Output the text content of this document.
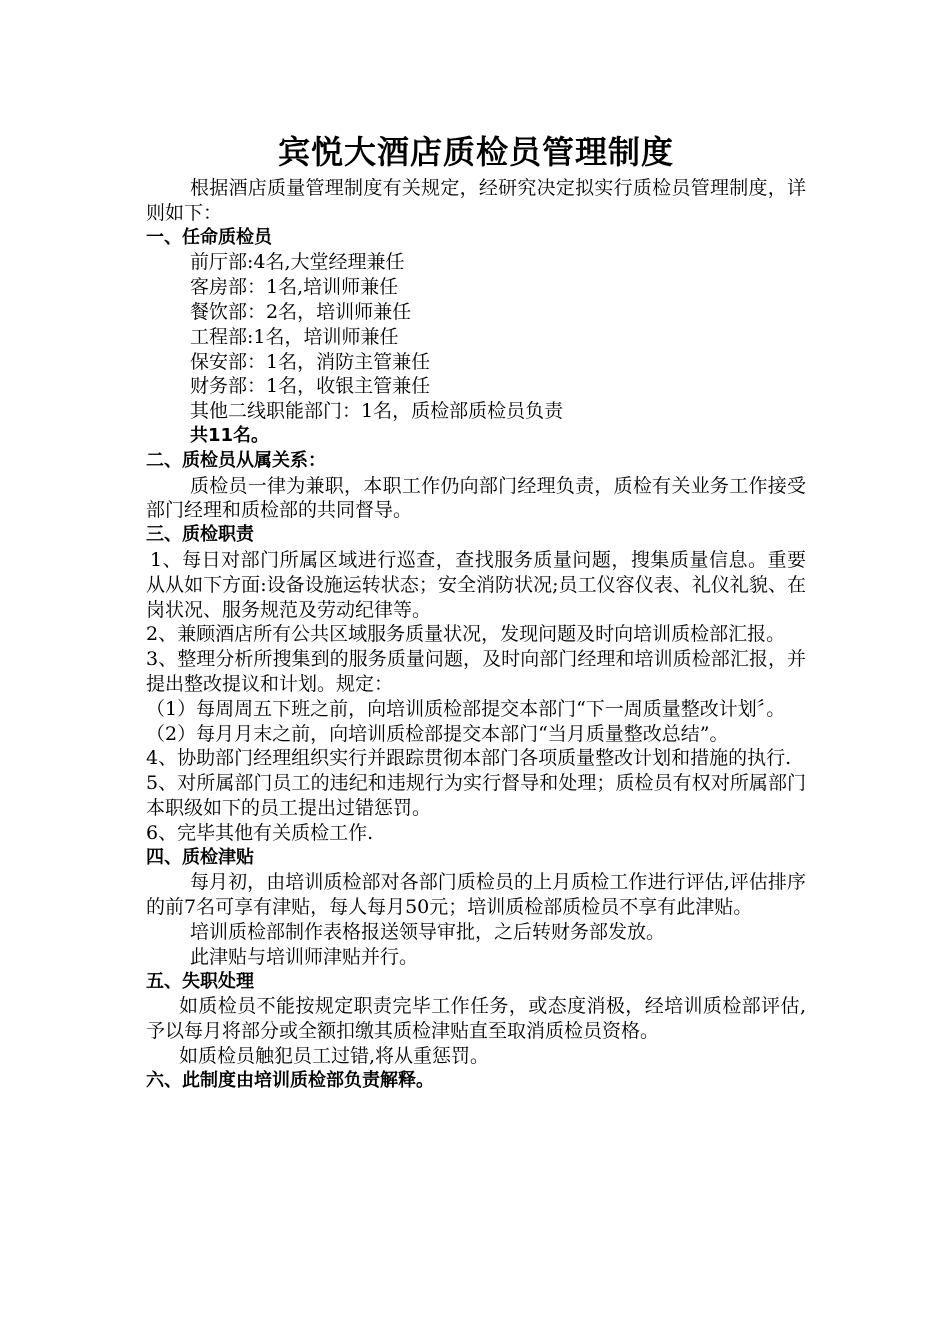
宾悦大酒店质检员管理制度

根据酒店质量管理制度有关规定，经研究决定拟实行质检员管理制度，详则如下：

一、任命质检员

前厅部:4名,大堂经理兼任

客房部：1名,培训师兼任

餐饮部：2名，培训师兼任

工程部:1名，培训师兼任

保安部：1名，消防主管兼任

财务部：1名，收银主管兼任

其他二线职能部门：1名，质检部质检员负责

共11名。

二、质检员从属关系：

质检员一律为兼职，本职工作仍向部门经理负责，质检有关业务工作接受部门经理和质检部的共同督导。

三、质检职责

1、每日对部门所属区域进行巡查，查找服务质量问题，搜集质量信息。重要从从如下方面:设备设施运转状态；安全消防状况;员工仪容仪表、礼仪礼貌、在岗状况、服务规范及劳动纪律等。

2、兼顾酒店所有公共区域服务质量状况，发现问题及时向培训质检部汇报。

3、整理分析所搜集到的服务质量问题，及时向部门经理和培训质检部汇报，并提出整改提议和计划。规定：

（1）每周周五下班之前，向培训质检部提交本部门“下一周质量整改计划〞。

（2）每月月末之前，向培训质检部提交本部门“当月质量整改总结”。

4、协助部门经理组织实行并跟踪贯彻本部门各项质量整改计划和措施的执行.

5、对所属部门员工的违纪和违规行为实行督导和处理；质检员有权对所属部门本职级如下的员工提出过错惩罚。

6、完毕其他有关质检工作.

四、质检津贴

每月初，由培训质检部对各部门质检员的上月质检工作进行评估,评估排序的前7名可享有津贴，每人每月50元；培训质检部质检员不享有此津贴。

培训质检部制作表格报送领导审批，之后转财务部发放。

此津贴与培训师津贴并行。

五、失职处理

如质检员不能按规定职责完毕工作任务，或态度消极，经培训质检部评估,予以每月将部分或全额扣缴其质检津贴直至取消质检员资格。

如质检员触犯员工过错,将从重惩罚。

六、此制度由培训质检部负责解释。
